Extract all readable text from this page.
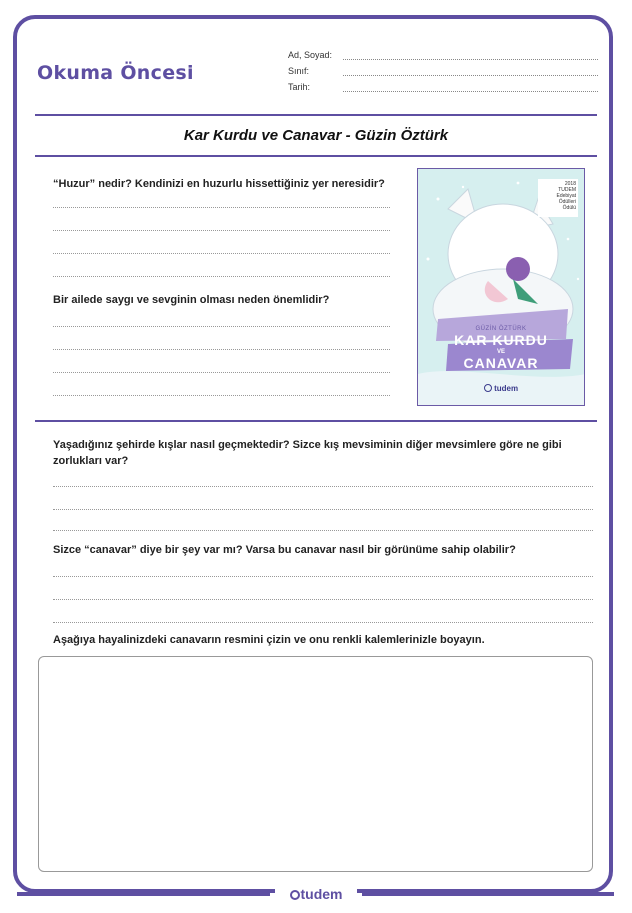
Okuma Öncesi
Ad, Soyad:
Sınıf:
Tarih:
Kar Kurdu ve Canavar - Güzin Öztürk
“Huzur” nedir? Kendinizi en huzurlu hissettiğiniz yer neresidir?
Bir ailede saygı ve sevginin olması neden önemlidir?
2018
TUDEM
Edebiyat
Ödülleri
Ödülü
GÜZİN ÖZTÜRK
KAR KURDU
VE
CANAVAR
tudem
Yaşadığınız şehirde kışlar nasıl geçmektedir? Sizce kış mevsiminin diğer mevsimlere göre ne gibi zorlukları var?
Sizce “canavar” diye bir şey var mı? Varsa bu canavar nasıl bir görünüme sahip olabilir?
Aşağıya hayalinizdeki canavarın resmini çizin ve onu renkli kalemlerinizle boyayın.
tudem
